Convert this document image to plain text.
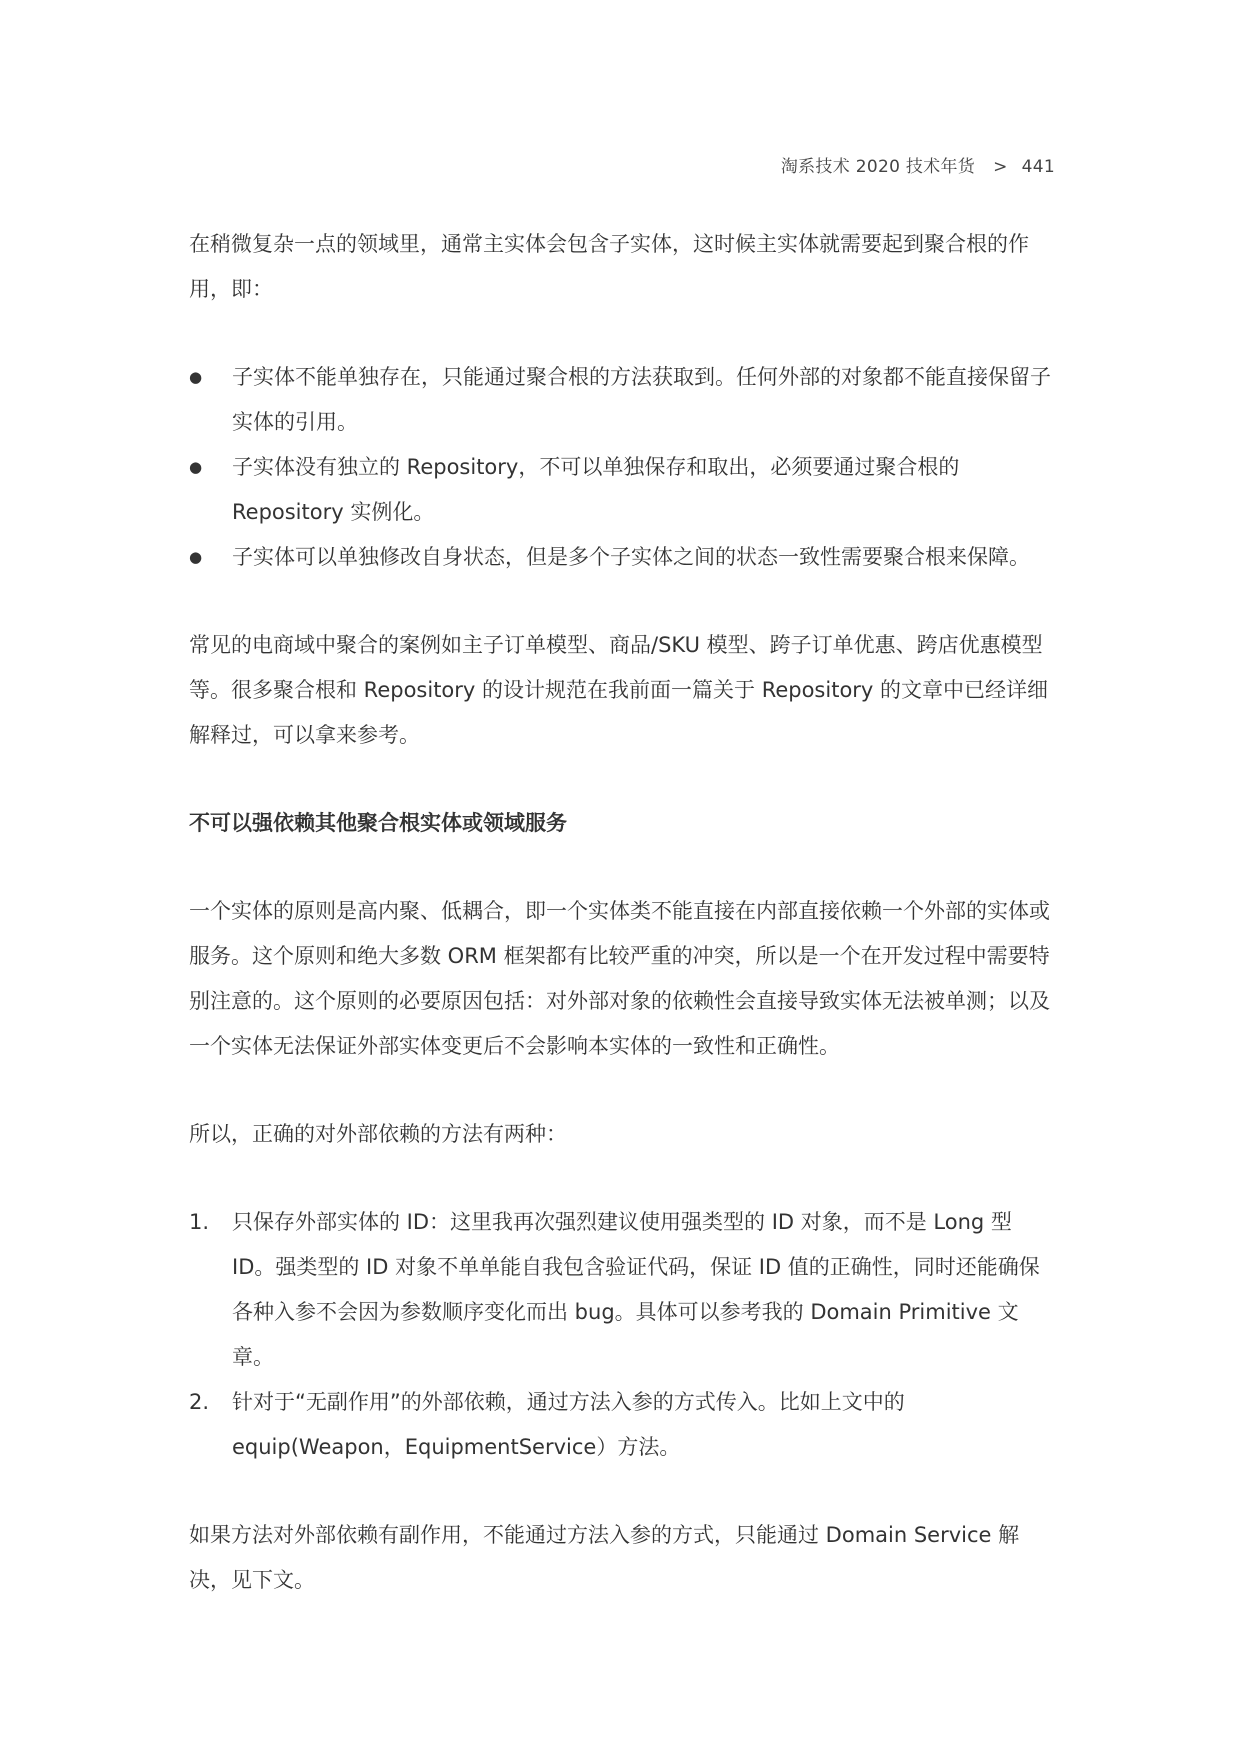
淘系技术 2020 技术年货 > 441

在稍微复杂一点的领域里，通常主实体会包含子实体，这时候主实体就需要起到聚合根的作用，即：

●	子实体不能单独存在，只能通过聚合根的方法获取到。任何外部的对象都不能直接保留子实体的引用。
●	子实体没有独立的 Repository，不可以单独保存和取出，必须要通过聚合根的 Repository 实例化。
●	子实体可以单独修改自身状态，但是多个子实体之间的状态一致性需要聚合根来保障。

常见的电商域中聚合的案例如主子订单模型、商品/SKU 模型、跨子订单优惠、跨店优惠模型等。很多聚合根和 Repository 的设计规范在我前面一篇关于 Repository 的文章中已经详细解释过，可以拿来参考。

不可以强依赖其他聚合根实体或领域服务

一个实体的原则是高内聚、低耦合，即一个实体类不能直接在内部直接依赖一个外部的实体或服务。这个原则和绝大多数 ORM 框架都有比较严重的冲突，所以是一个在开发过程中需要特别注意的。这个原则的必要原因包括：对外部对象的依赖性会直接导致实体无法被单测；以及一个实体无法保证外部实体变更后不会影响本实体的一致性和正确性。

所以，正确的对外部依赖的方法有两种：

1.	只保存外部实体的 ID：这里我再次强烈建议使用强类型的 ID 对象，而不是 Long 型 ID。强类型的 ID 对象不单单能自我包含验证代码，保证 ID 值的正确性，同时还能确保各种入参不会因为参数顺序变化而出 bug。具体可以参考我的 Domain Primitive 文章。
2.	针对于“无副作用”的外部依赖，通过方法入参的方式传入。比如上文中的 equip(Weapon，EquipmentService）方法。

如果方法对外部依赖有副作用，不能通过方法入参的方式，只能通过 Domain Service 解决，见下文。
